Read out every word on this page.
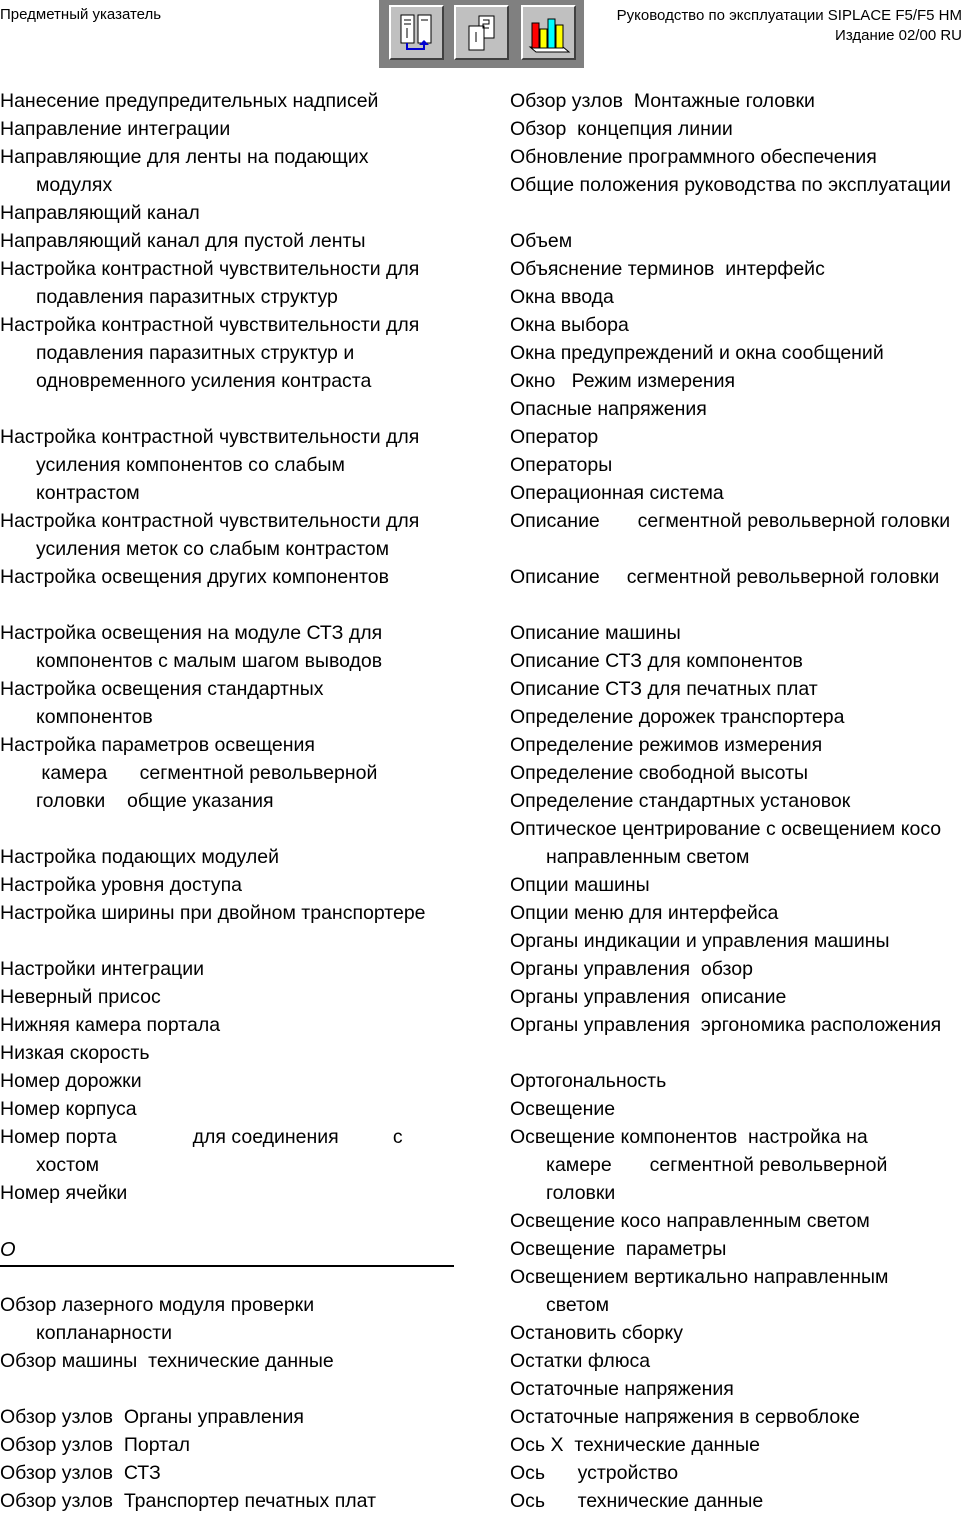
Предметный указатель	Руководство по эксплуатации SIPLACE F5/F5 HM
Издание 02/00 RU
Нанесение предупредительных надписей
Направление интеграции
Направляющие для ленты на подающих
модулях
Направляющий канал
Направляющий канал для пустой ленты
Настройка контрастной чувствительности для
подавления паразитных структур
Настройка контрастной чувствительности для
подавления паразитных структур и
одновременного усиления контраста
Настройка контрастной чувствительности для
усиления компонентов со слабым
контрастом
Настройка контрастной чувствительности для
усиления меток со слабым контрастом
Настройка освещения других компонентов
Настройка освещения на модуле СТЗ для
компонентов с малым шагом выводов
Настройка освещения стандартных
компонентов
Настройка параметров освещения
камера      сегментной револьверной
головки    общие указания
Настройка подающих модулей
Настройка уровня доступа
Настройка ширины при двойном транспортере
Настройки интеграции
Неверный присос
Нижняя камера портала
Низкая скорость
Номер дорожки
Номер корпуса
Номер порта              для соединения          с
хостом
Номер ячейки
Обзор лазерного модуля проверки
копланарности
Обзор машины  технические данные
Обзор узлов  Органы управления
Обзор узлов  Портал
Обзор узлов  СТЗ
Обзор узлов  Транспортер печатных плат
Обзор узлов  Монтажные головки
Обзор  концепция линии
Обновление программного обеспечения
Общие положения руководства по эксплуатации
Объем
Объяснение терминов  интерфейс
Окна ввода
Окна выбора
Окна предупреждений и окна сообщений
Окно   Режим измерения
Опасные напряжения
Оператор
Операторы
Операционная система
Описание       сегментной револьверной головки
Описание     сегментной револьверной головки
Описание машины
Описание СТЗ для компонентов
Описание СТЗ для печатных плат
Определение дорожек транспортера
Определение режимов измерения
Определение свободной высоты
Определение стандартных установок
Оптическое центрирование с освещением косо
направленным светом
Опции машины
Опции меню для интерфейса
Органы индикации и управления машины
Органы управления  обзор
Органы управления  описание
Органы управления  эргономика расположения
Ортогональность
Освещение
Освещение компонентов  настройка на
камере       сегментной револьверной
головки
Освещение косо направленным светом
Освещение  параметры
Освещением вертикально направленным
светом
Остановить сборку
Остатки флюса
Остаточные напряжения
Остаточные напряжения в сервоблоке
Ось X  технические данные
Ось      устройство
Ось      технические данные
O
